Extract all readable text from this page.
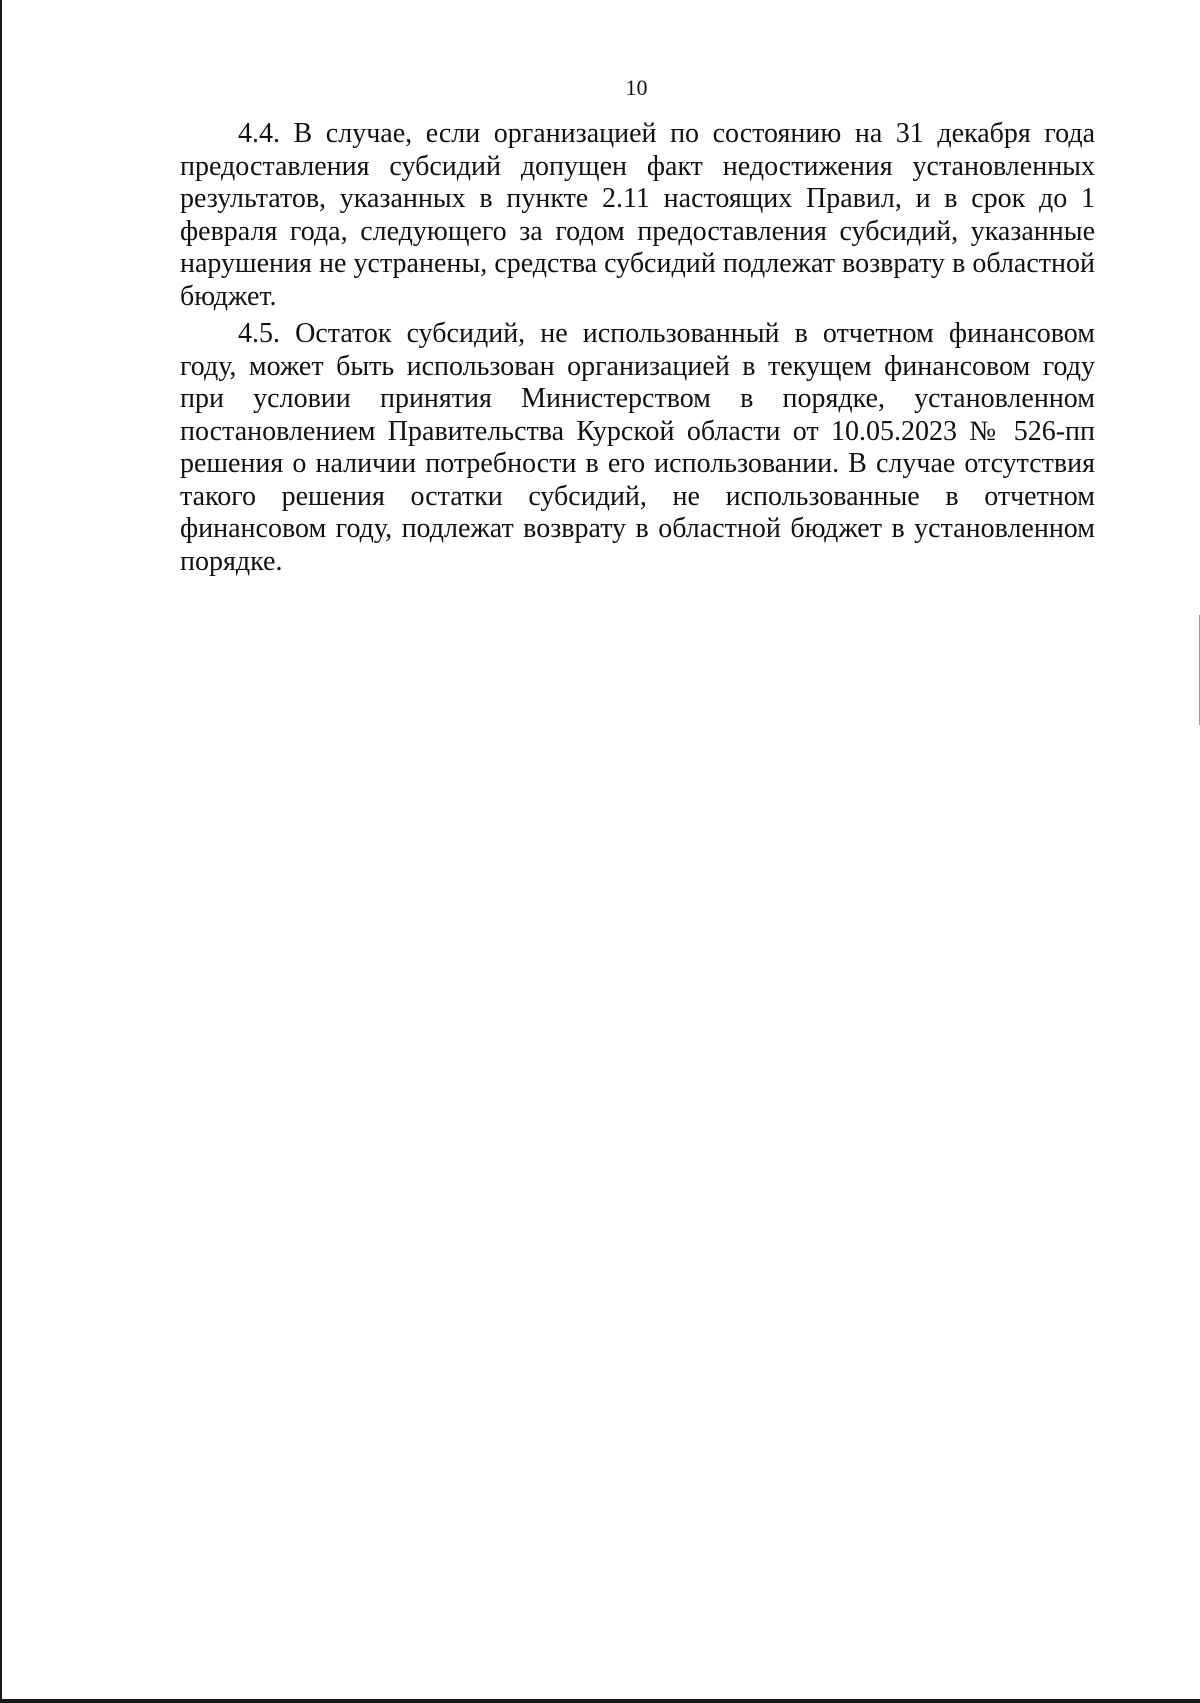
10

4.4. В случае, если организацией по состоянию на 31 декабря года предоставления субсидий допущен факт недостижения установленных результатов, указанных в пункте 2.11 настоящих Правил, и в срок до 1 февраля года, следующего за годом предоставления субсидий, указанные нарушения не устранены, средства субсидий подлежат возврату в областной бюджет.

4.5. Остаток субсидий, не использованный в отчетном финансовом году, может быть использован организацией в текущем финансовом году при условии принятия Министерством в порядке, установленном постановлением Правительства Курской области от 10.05.2023 № 526-пп решения о наличии потребности в его использовании. В случае отсутствия такого решения остатки субсидий, не использованные в отчетном финансовом году, подлежат возврату в областной бюджет в установленном порядке.
